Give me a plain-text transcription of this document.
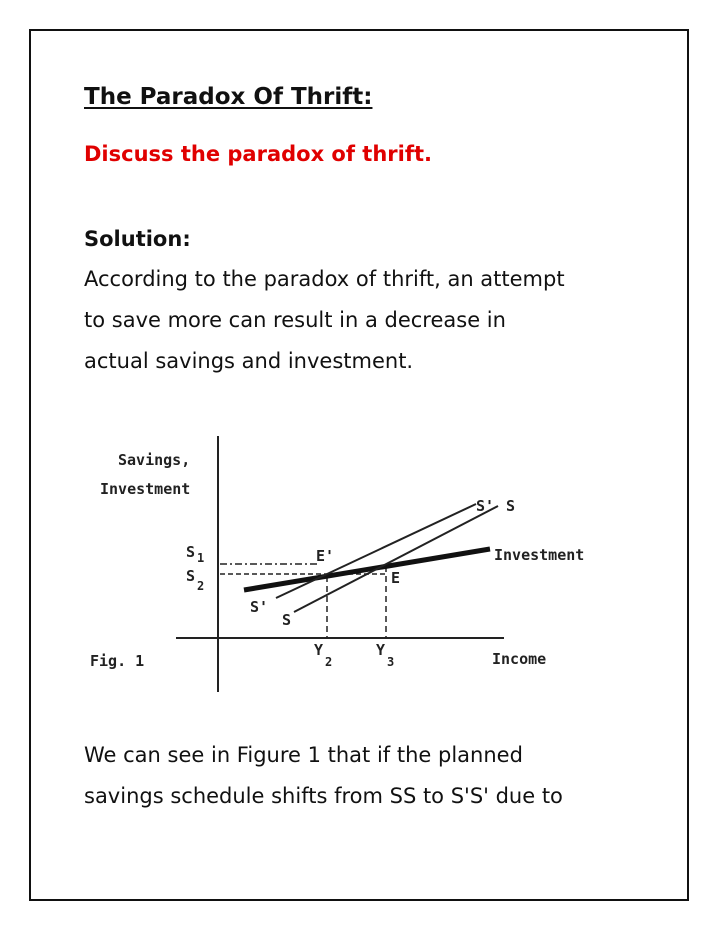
The Paradox Of Thrift:
Discuss the paradox of thrift.
Solution:
According to the paradox of thrift, an attempt
to save more can result in a decrease in
actual savings and investment.
Savings,
Investment
S 1
S
2
E'
E
S' S
Investment
S'
S
Fig. 1	Income
Y
2
Y
3
We can see in Figure 1 that if the planned
savings schedule shifts from SS to S'S' due to
